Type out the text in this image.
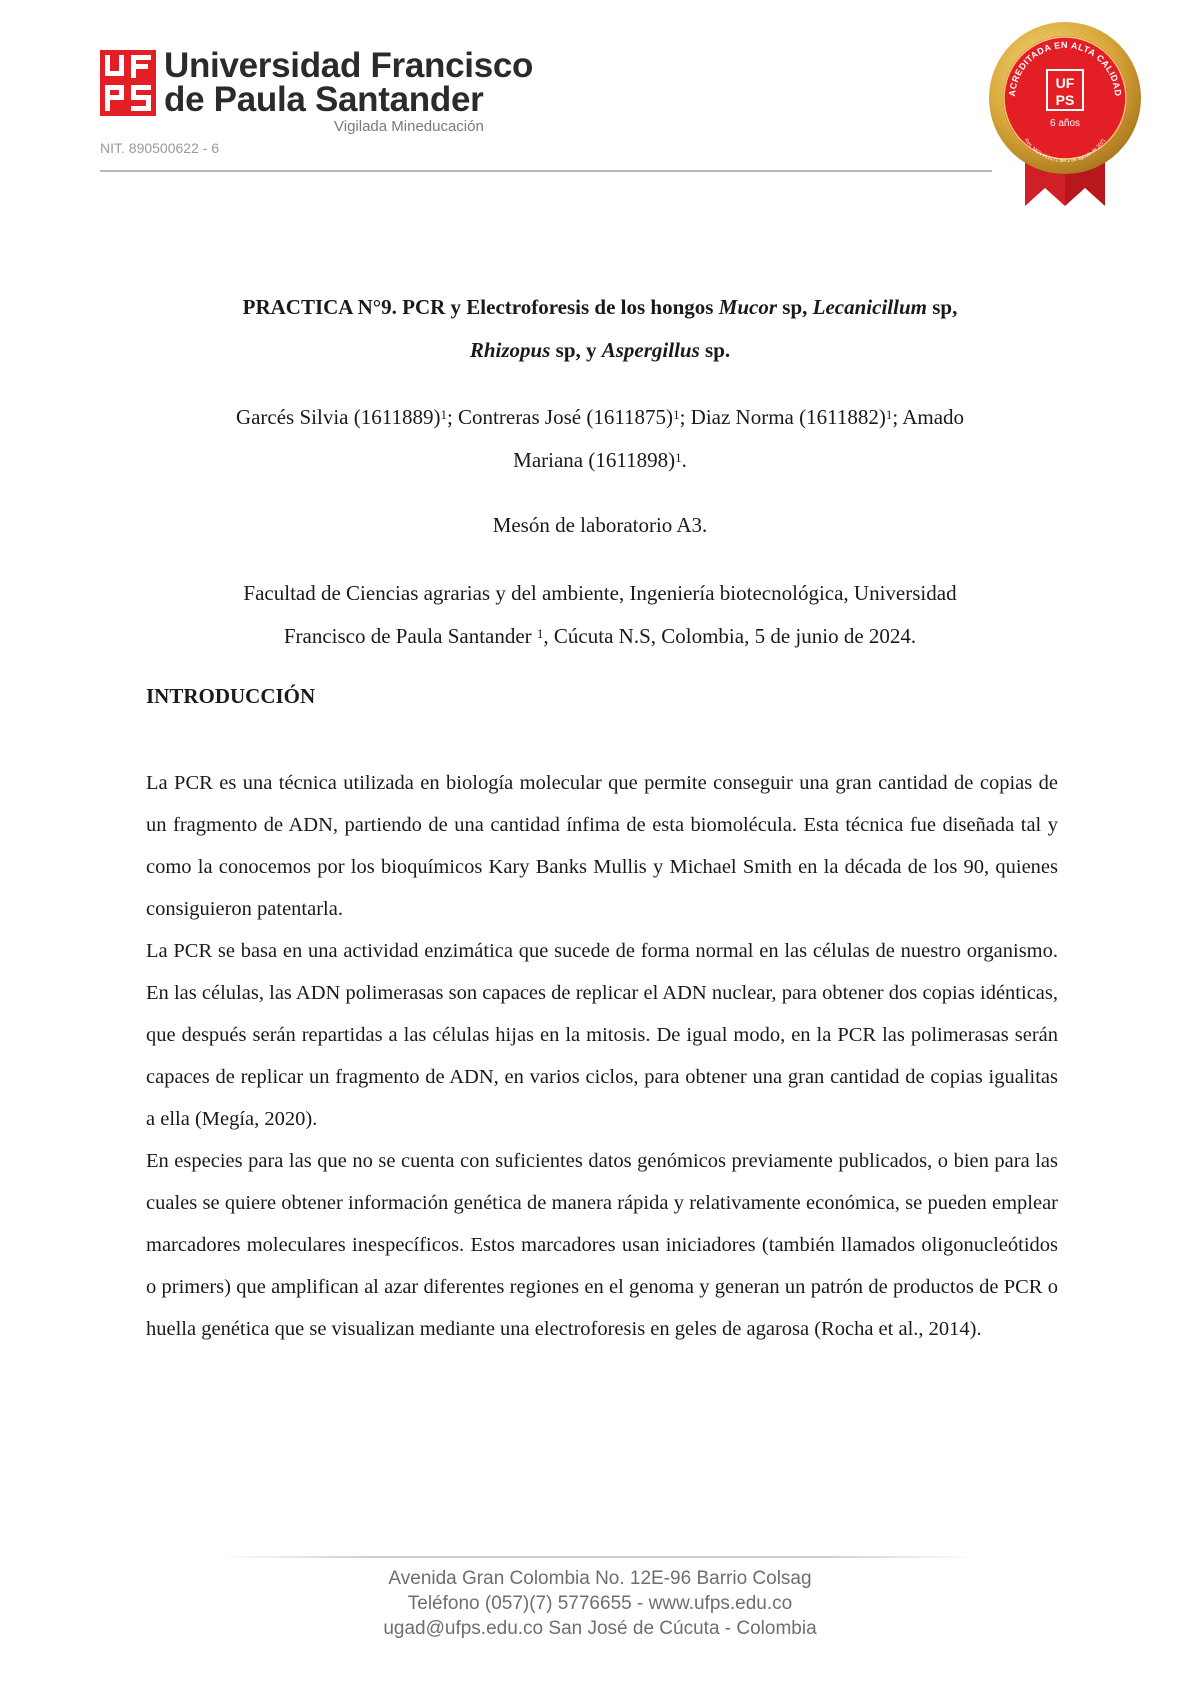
Universidad Francisco
de Paula Santander
Vigilada Mineducación
NIT. 890500622 - 6
ACREDITADA EN ALTA CALIDAD
Res. MEN 015171 del 2 de agosto de 2021
UF
PS
6 años
PRACTICA N°9. PCR y Electroforesis de los hongos Mucor sp, Lecanicillum sp,
Rhizopus sp, y Aspergillus sp.
Garcés Silvia $(1611889)^1$; Contreras José $(1611875)^1$; Diaz Norma $(1611882)^1$; Amado
Mariana $(1611898)^1$.
Mesón de laboratorio A3.
Facultad de Ciencias agrarias y del ambiente, Ingeniería biotecnológica, Universidad
Francisco de Paula Santander $^1$, Cúcuta N.S, Colombia, 5 de junio de 2024.
INTRODUCCIÓN

La PCR es una técnica utilizada en biología molecular que permite conseguir una gran cantidad de copias de un fragmento de ADN, partiendo de una cantidad ínfima de esta biomolécula. Esta técnica fue diseñada tal y como la conocemos por los bioquímicos Kary Banks Mullis y Michael Smith en la década de los 90, quienes consiguieron patentarla.

La PCR se basa en una actividad enzimática que sucede de forma normal en las células de nuestro organismo. En las células, las ADN polimerasas son capaces de replicar el ADN nuclear, para obtener dos copias idénticas, que después serán repartidas a las células hijas en la mitosis. De igual modo, en la PCR las polimerasas serán capaces de replicar un fragmento de ADN, en varios ciclos, para obtener una gran cantidad de copias igualitas a ella (Megía, 2020).

En especies para las que no se cuenta con suficientes datos genómicos previamente publicados, o bien para las cuales se quiere obtener información genética de manera rápida y relativamente económica, se pueden emplear marcadores moleculares inespecíficos. Estos marcadores usan iniciadores (también llamados oligonucleótidos o primers) que amplifican al azar diferentes regiones en el genoma y generan un patrón de productos de PCR o huella genética que se visualizan mediante una electroforesis en geles de agarosa (Rocha et al., 2014).

Avenida Gran Colombia No. 12E-96 Barrio Colsag
Teléfono (057)(7) 5776655 - www.ufps.edu.co
ugad@ufps.edu.co San José de Cúcuta - Colombia
